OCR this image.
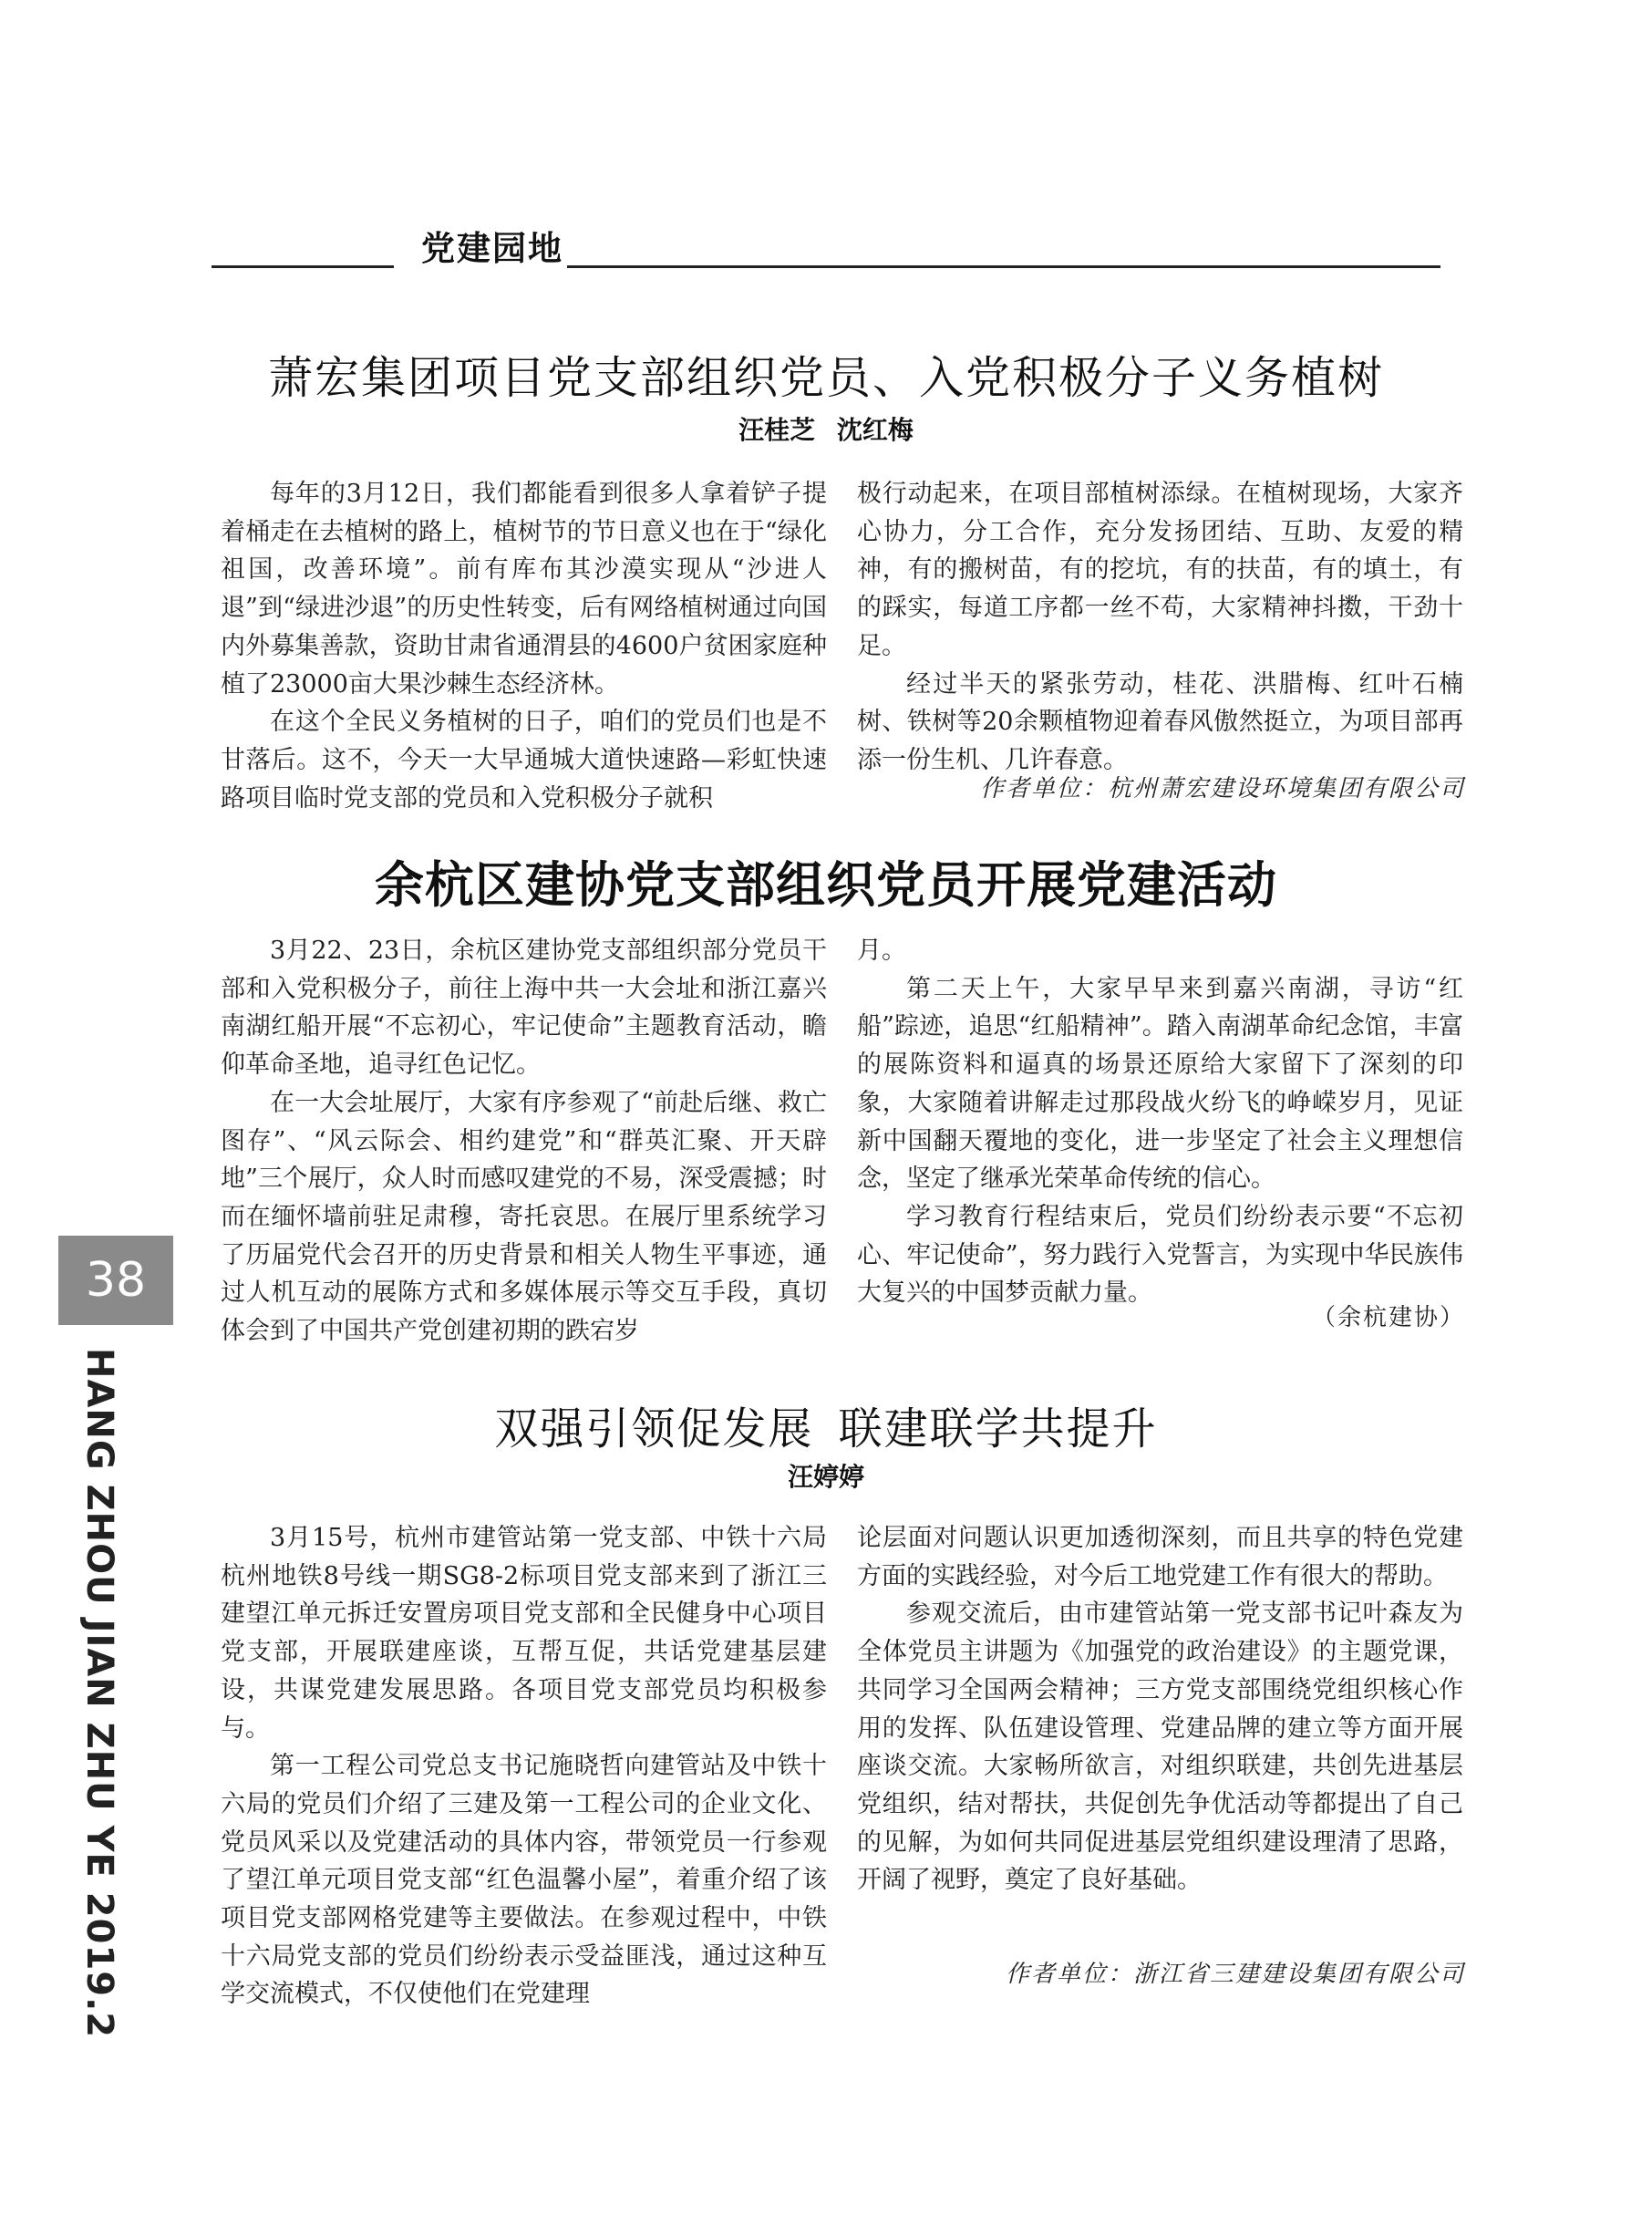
党建园地
萧宏集团项目党支部组织党员、入党积极分子义务植树
汪桂芝 沈红梅

每年的3月12日，我们都能看到很多人拿着铲子提着桶走在去植树的路上，植树节的节日意义也在于“绿化祖国，改善环境”。前有库布其沙漠实现从“沙进人退”到“绿进沙退”的历史性转变，后有网络植树通过向国内外募集善款，资助甘肃省通渭县的4600户贫困家庭种植了23000亩大果沙棘生态经济林。

在这个全民义务植树的日子，咱们的党员们也是不甘落后。这不，今天一大早通城大道快速路—彩虹快速路项目临时党支部的党员和入党积极分子就积

极行动起来，在项目部植树添绿。在植树现场，大家齐心协力，分工合作，充分发扬团结、互助、友爱的精神，有的搬树苗，有的挖坑，有的扶苗，有的填土，有的踩实，每道工序都一丝不苟，大家精神抖擞，干劲十足。

经过半天的紧张劳动，桂花、洪腊梅、红叶石楠树、铁树等20余颗植物迎着春风傲然挺立，为项目部再添一份生机、几许春意。

作者单位：杭州萧宏建设环境集团有限公司
余杭区建协党支部组织党员开展党建活动

3月22、23日，余杭区建协党支部组织部分党员干部和入党积极分子，前往上海中共一大会址和浙江嘉兴南湖红船开展“不忘初心，牢记使命”主题教育活动，瞻仰革命圣地，追寻红色记忆。

在一大会址展厅，大家有序参观了“前赴后继、救亡图存”、“风云际会、相约建党”和“群英汇聚、开天辟地”三个展厅，众人时而感叹建党的不易，深受震撼；时而在缅怀墙前驻足肃穆，寄托哀思。在展厅里系统学习了历届党代会召开的历史背景和相关人物生平事迹，通过人机互动的展陈方式和多媒体展示等交互手段，真切体会到了中国共产党创建初期的跌宕岁

月。

第二天上午，大家早早来到嘉兴南湖，寻访“红船”踪迹，追思“红船精神”。踏入南湖革命纪念馆，丰富的展陈资料和逼真的场景还原给大家留下了深刻的印象，大家随着讲解走过那段战火纷飞的峥嵘岁月，见证新中国翻天覆地的变化，进一步坚定了社会主义理想信念，坚定了继承光荣革命传统的信心。

学习教育行程结束后，党员们纷纷表示要“不忘初心、牢记使命”，努力践行入党誓言，为实现中华民族伟大复兴的中国梦贡献力量。

（余杭建协）
双强引领促发展 联建联学共提升
汪婷婷

3月15号，杭州市建管站第一党支部、中铁十六局杭州地铁8号线一期SG8-2标项目党支部来到了浙江三建望江单元拆迁安置房项目党支部和全民健身中心项目党支部，开展联建座谈，互帮互促，共话党建基层建设，共谋党建发展思路。各项目党支部党员均积极参与。

第一工程公司党总支书记施晓哲向建管站及中铁十六局的党员们介绍了三建及第一工程公司的企业文化、党员风采以及党建活动的具体内容，带领党员一行参观了望江单元项目党支部“红色温馨小屋”，着重介绍了该项目党支部网格党建等主要做法。在参观过程中，中铁十六局党支部的党员们纷纷表示受益匪浅，通过这种互学交流模式，不仅使他们在党建理

论层面对问题认识更加透彻深刻，而且共享的特色党建方面的实践经验，对今后工地党建工作有很大的帮助。

参观交流后，由市建管站第一党支部书记叶森友为全体党员主讲题为《加强党的政治建设》的主题党课，共同学习全国两会精神；三方党支部围绕党组织核心作用的发挥、队伍建设管理、党建品牌的建立等方面开展座谈交流。大家畅所欲言，对组织联建，共创先进基层党组织，结对帮扶，共促创先争优活动等都提出了自己的见解，为如何共同促进基层党组织建设理清了思路，开阔了视野，奠定了良好基础。

作者单位：浙江省三建建设集团有限公司
38
HANG ZHOU JIAN ZHU YE 2019.2
